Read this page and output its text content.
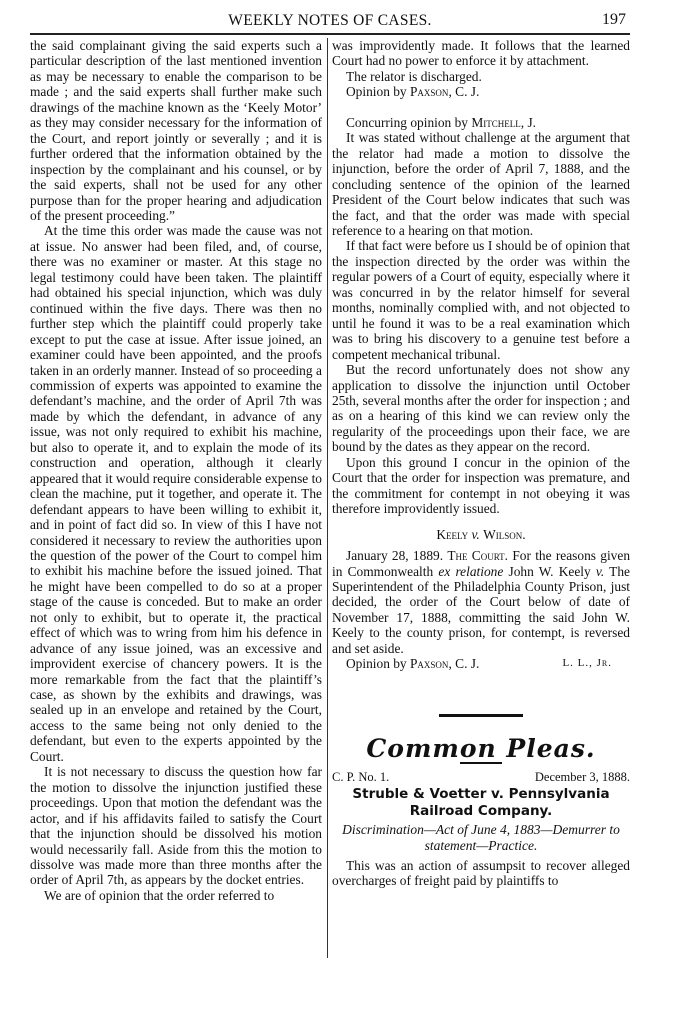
WEEKLY NOTES OF CASES.	197

the said complainant giving the said experts such a particular description of the last mentioned invention as may be necessary to enable the comparison to be made ; and the said experts shall further make such drawings of the machine known as the ‘Keely Motor’ as they may consider necessary for the information of the Court, and report jointly or severally ; and it is further ordered that the information obtained by the inspection by the complainant and his counsel, or by the said experts, shall not be used for any other purpose than for the proper hearing and adjudication of the present proceeding.”

At the time this order was made the cause was not at issue. No answer had been filed, and, of course, there was no examiner or master. At this stage no legal testimony could have been taken. The plaintiff had obtained his special injunction, which was duly continued within the five days. There was then no further step which the plaintiff could properly take except to put the case at issue. After issue joined, an examiner could have been appointed, and the proofs taken in an orderly manner. Instead of so proceeding a commission of experts was appointed to examine the defendant’s machine, and the order of April 7th was made by which the defendant, in advance of any issue, was not only required to exhibit his machine, but also to operate it, and to explain the mode of its construction and operation, although it clearly appeared that it would require considerable expense to clean the machine, put it together, and operate it. The defendant appears to have been willing to exhibit it, and in point of fact did so. In view of this I have not considered it necessary to review the authorities upon the question of the power of the Court to compel him to exhibit his machine before the issued joined. That he might have been compelled to do so at a proper stage of the cause is conceded. But to make an order not only to exhibit, but to operate it, the practical effect of which was to wring from him his defence in advance of any issue joined, was an excessive and improvident exercise of chancery powers. It is the more remarkable from the fact that the plaintiff’s case, as shown by the exhibits and drawings, was sealed up in an envelope and retained by the Court, access to the same being not only denied to the defendant, but even to the experts appointed by the Court.

It is not necessary to discuss the question how far the motion to dissolve the injunction justified these proceedings. Upon that motion the defendant was the actor, and if his affidavits failed to satisfy the Court that the injunction should be dissolved his motion would necessarily fall. Aside from this the motion to dissolve was made more than three months after the order of April 7th, as appears by the docket entries.

We are of opinion that the order referred to

was improvidently made. It follows that the learned Court had no power to enforce it by attachment.

The relator is discharged.

Opinion by Paxson, C. J.

Concurring opinion by Mitchell, J.

It was stated without challenge at the argument that the relator had made a motion to dissolve the injunction, before the order of April 7, 1888, and the concluding sentence of the opinion of the learned President of the Court below indicates that such was the fact, and that the order was made with special reference to a hearing on that motion.

If that fact were before us I should be of opinion that the inspection directed by the order was within the regular powers of a Court of equity, especially where it was concurred in by the relator himself for several months, nominally complied with, and not objected to until he found it was to be a real examination which was to bring his discovery to a genuine test before a competent mechanical tribunal.

But the record unfortunately does not show any application to dissolve the injunction until October 25th, several months after the order for inspection ; and as on a hearing of this kind we can review only the regularity of the proceedings upon their face, we are bound by the dates as they appear on the record.

Upon this ground I concur in the opinion of the Court that the order for inspection was premature, and the commitment for contempt in not obeying it was therefore improvidently issued.

Keely v. Wilson.

January 28, 1889. The Court. For the reasons given in Commonwealth ex relatione John W. Keely v. The Superintendent of the Philadelphia County Prison, just decided, the order of the Court below of date of November 17, 1888, committing the said John W. Keely to the county prison, for contempt, is reversed and set aside.

Opinion by Paxson, C. J.	L. L., Jr.
Common Pleas.
C. P. No. 1.	December 3, 1888.
Struble & Voetter v. Pennsylvania Railroad Company.
Discrimination—Act of June 4, 1883—Demurrer to statement—Practice.

This was an action of assumpsit to recover alleged overcharges of freight paid by plaintiffs to
